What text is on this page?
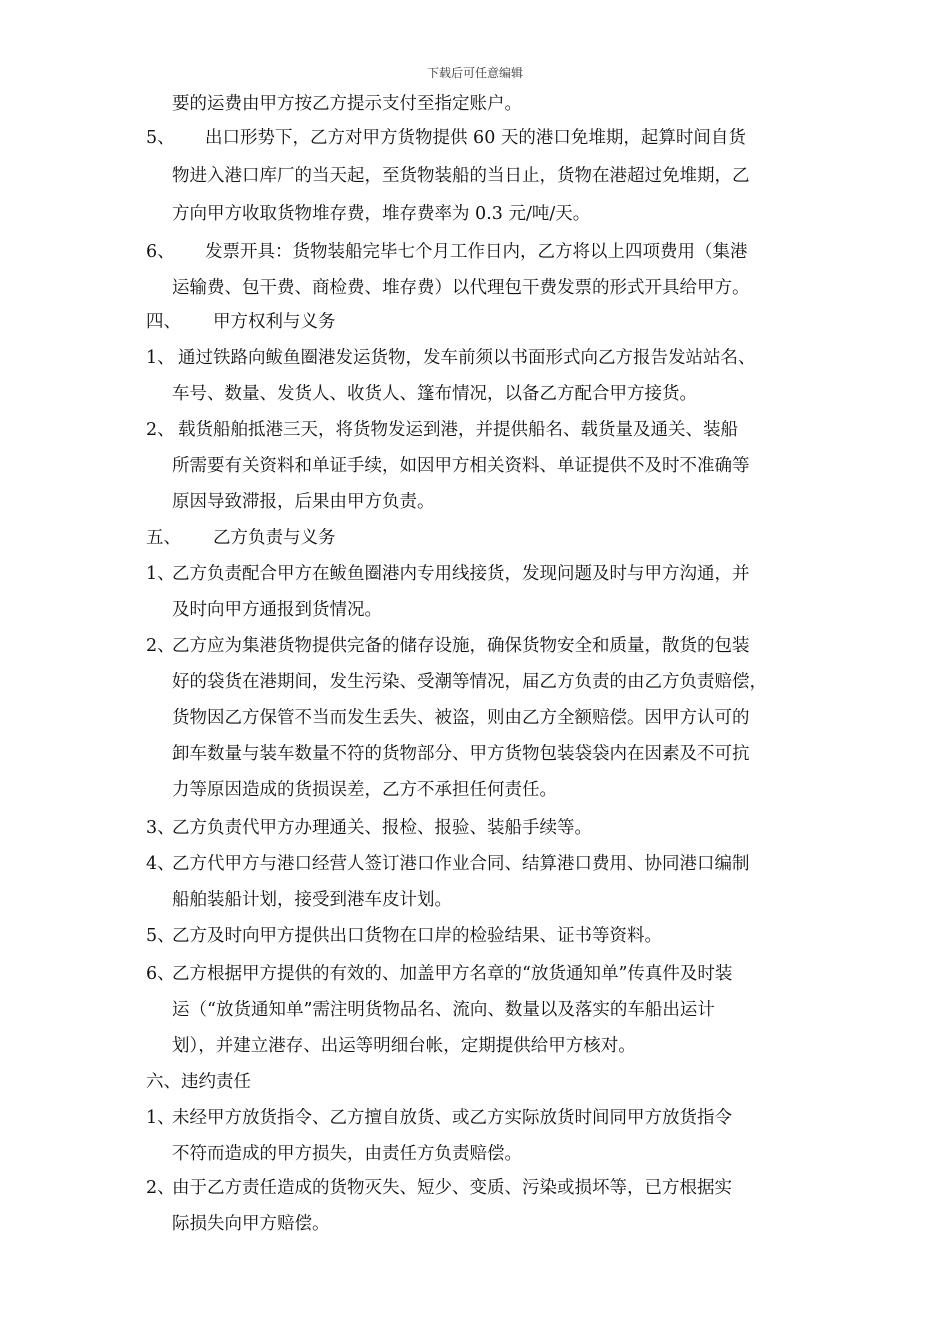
下载后可任意编辑
要的运费由甲方按乙方提示支付至指定账户。
5、 出口形势下，乙方对甲方货物提供 60 天的港口免堆期，起算时间自货
物进入港口库厂的当天起，至货物装船的当日止，货物在港超过免堆期，乙
方向甲方收取货物堆存费，堆存费率为 0.3 元/吨/天。
6、 发票开具：货物装船完毕七个月工作日内，乙方将以上四项费用（集港
运输费、包干费、商检费、堆存费）以代理包干费发票的形式开具给甲方。
四、 甲方权利与义务
1、 通过铁路向鲅鱼圈港发运货物，发车前须以书面形式向乙方报告发站站名、
车号、数量、发货人、收货人、篷布情况，以备乙方配合甲方接货。
2、 载货船舶抵港三天，将货物发运到港，并提供船名、载货量及通关、装船
所需要有关资料和单证手续，如因甲方相关资料、单证提供不及时不准确等
原因导致滞报，后果由甲方负责。
五、 乙方负责与义务
1、
乙方负责配合甲方在鲅鱼圈港内专用线接货，发现问题及时与甲方沟通，并
及时向甲方通报到货情况。
2、
乙方应为集港货物提供完备的储存设施，确保货物安全和质量，散货的包装
好的袋货在港期间，发生污染、受潮等情况，届乙方负责的由乙方负责赔偿，
货物因乙方保管不当而发生丢失、被盗，则由乙方全额赔偿。因甲方认可的
卸车数量与装车数量不符的货物部分、甲方货物包装袋袋内在因素及不可抗
力等原因造成的货损误差，乙方不承担任何责任。
3、
乙方负责代甲方办理通关、报检、报验、装船手续等。
4、
乙方代甲方与港口经营人签订港口作业合同、结算港口费用、协同港口编制
船舶装船计划，接受到港车皮计划。
5、
乙方及时向甲方提供出口货物在口岸的检验结果、证书等资料。
6、
乙方根据甲方提供的有效的、加盖甲方名章的“放货通知单”传真件及时装
运（“放货通知单”需注明货物品名、流向、数量以及落实的车船出运计
划），并建立港存、出运等明细台帐，定期提供给甲方核对。
六、违约责任
1、
未经甲方放货指令、乙方擅自放货、或乙方实际放货时间同甲方放货指令
不符而造成的甲方损失，由责任方负责赔偿。
2、
由于乙方责任造成的货物灭失、短少、变质、污染或损坏等，已方根据实
际损失向甲方赔偿。
